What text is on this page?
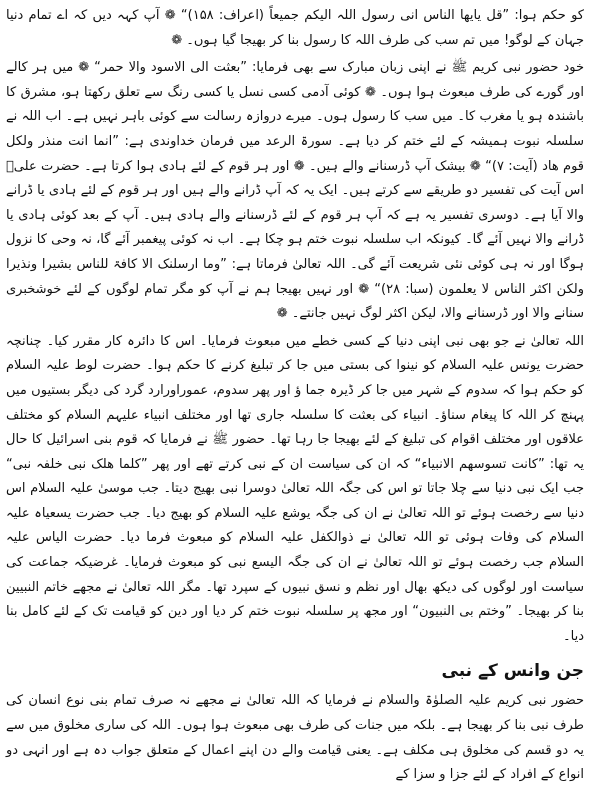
کو حکم ہوا: ”قل یایھا الناس انی رسول اللہ الیکم جمیعاً (اعراف: ۱۵۸)“ ❁ آپ کہہ دیں کہ اے تمام دنیا جہان کے لوگو! میں تم سب کی طرف اللہ کا رسول بنا کر بھیجا گیا ہوں۔ ❁

خود حضور نبی کریم ﷺ نے اپنی زبان مبارک سے بھی فرمایا: ”بعثت الی الاسود والا حمر“ ❁ میں ہر کالے اور گورے کی طرف مبعوث ہوا ہوں۔ ❁ کوئی آدمی کسی نسل یا کسی رنگ سے تعلق رکھتا ہو، مشرق کا باشندہ ہو یا مغرب کا۔ میں سب کا رسول ہوں۔ میرے دروازہ رسالت سے کوئی باہر نہیں ہے۔ اب اللہ نے سلسلہ نبوت ہمیشہ کے لئے ختم کر دیا ہے۔ سورۃ الرعد میں فرمان خداوندی ہے: ”انما انت منذر ولکل قوم ھاد (آیت: ۷)“ ❁ بیشک آپ ڈرسنانے والے ہیں۔ ❁ اور ہر قوم کے لئے ہادی ہوا کرتا ہے۔ حضرت علیؓ اس آیت کی تفسیر دو طریقے سے کرتے ہیں۔ ایک یہ کہ آپ ڈرانے والے ہیں اور ہر قوم کے لئے ہادی یا ڈرانے والا آیا ہے۔ دوسری تفسیر یہ ہے کہ آپ ہر قوم کے لئے ڈرسنانے والے ہادی ہیں۔ آپ کے بعد کوئی ہادی یا ڈرانے والا نہیں آئے گا۔ کیونکہ اب سلسلہ نبوت ختم ہو چکا ہے۔ اب نہ کوئی پیغمبر آئے گا، نہ وحی کا نزول ہوگا اور نہ ہی کوئی نئی شریعت آئے گی۔ اللہ تعالیٰ فرماتا ہے: ”وما ارسلنک الا کافۃ للناس بشیرا ونذیرا ولکن اکثر الناس لا یعلمون (سبا: ۲۸)“ ❁ اور نہیں بھیجا ہم نے آپ کو مگر تمام لوگوں کے لئے خوشخبری سنانے والا اور ڈرسنانے والا، لیکن اکثر لوگ نہیں جانتے۔ ❁

اللہ تعالیٰ نے جو بھی نبی اپنی دنیا کے کسی خطے میں مبعوث فرمایا۔ اس کا دائرہ کار مقرر کیا۔ چنانچہ حضرت یونس علیہ السلام کو نینوا کی بستی میں جا کر تبلیغ کرنے کا حکم ہوا۔ حضرت لوط علیہ السلام کو حکم ہوا کہ سدوم کے شہر میں جا کر ڈیرہ جما ؤ اور پھر سدوم، عموراورارد گرد کی دیگر بستیوں میں پہنچ کر اللہ کا پیغام سناؤ۔ انبیاء کی بعثت کا سلسلہ جاری تھا اور مختلف انبیاء علیہم السلام کو مختلف علاقوں اور مختلف اقوام کی تبلیغ کے لئے بھیجا جا رہا تھا۔ حضور ﷺ نے فرمایا کہ قوم بنی اسرائیل کا حال یہ تھا: ”کانت تسوسھم الانبیاء“ کہ ان کی سیاست ان کے نبی کرتے تھے اور پھر ”کلما ھلک نبی خلفہ نبی“ جب ایک نبی دنیا سے چلا جاتا تو اس کی جگہ اللہ تعالیٰ دوسرا نبی بھیج دیتا۔ جب موسیٰ علیہ السلام اس دنیا سے رخصت ہوئے تو اللہ تعالیٰ نے ان کی جگہ یوشع علیہ السلام کو بھیج دیا۔ جب حضرت یسعیاہ علیہ السلام کی وفات ہوئی تو اللہ تعالیٰ نے ذوالکفل علیہ السلام کو مبعوث فرما دیا۔ حضرت الیاس علیہ السلام جب رخصت ہوئے تو اللہ تعالیٰ نے ان کی جگہ الیسع نبی کو مبعوث فرمایا۔ غرضیکہ جماعت کی سیاست اور لوگوں کی دیکھ بھال اور نظم و نسق نبیوں کے سپرد تھا۔ مگر اللہ تعالیٰ نے مجھے خاتم النبیین بنا کر بھیجا۔ ”وختم بی النبیون“ اور مجھ پر سلسلہ نبوت ختم کر دیا اور دین کو قیامت تک کے لئے کامل بنا دیا۔

جن وانس کے نبی

حضور نبی کریم علیہ الصلوٰۃ والسلام نے فرمایا کہ اللہ تعالیٰ نے مجھے نہ صرف تمام بنی نوع انسان کی طرف نبی بنا کر بھیجا ہے۔ بلکہ میں جنات کی طرف بھی مبعوث ہوا ہوں۔ اللہ کی ساری مخلوق میں سے یہ دو قسم کی مخلوق ہی مکلف ہے۔ یعنی قیامت والے دن اپنے اعمال کے متعلق جواب دہ ہے اور انہی دو انواع کے افراد کے لئے جزا و سزا کے
